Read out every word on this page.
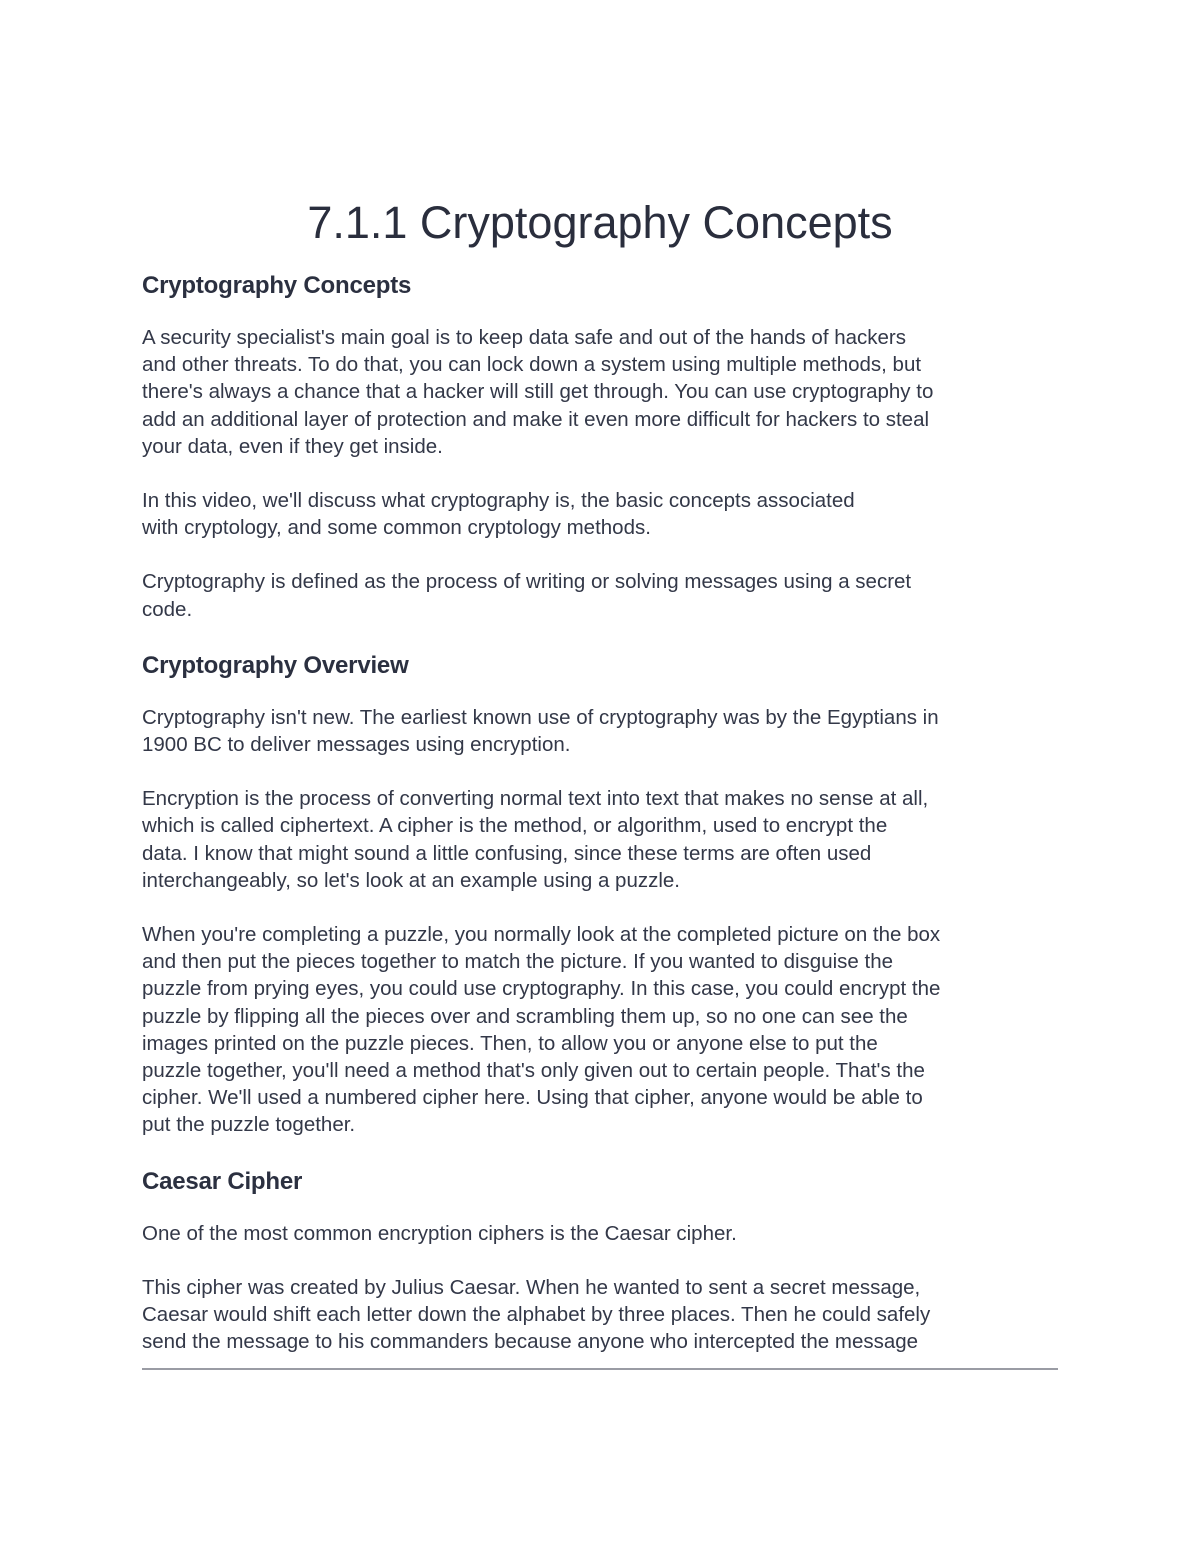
7.1.1 Cryptography Concepts
Cryptography Concepts

A security specialist's main goal is to keep data safe and out of the hands of hackers
and other threats. To do that, you can lock down a system using multiple methods, but
there's always a chance that a hacker will still get through. You can use cryptography to
add an additional layer of protection and make it even more difficult for hackers to steal
your data, even if they get inside.

In this video, we'll discuss what cryptography is, the basic concepts associated
with cryptology, and some common cryptology methods.

Cryptography is defined as the process of writing or solving messages using a secret
code.

Cryptography Overview

Cryptography isn't new. The earliest known use of cryptography was by the Egyptians in
1900 BC to deliver messages using encryption.

Encryption is the process of converting normal text into text that makes no sense at all,
which is called ciphertext. A cipher is the method, or algorithm, used to encrypt the
data. I know that might sound a little confusing, since these terms are often used
interchangeably, so let's look at an example using a puzzle.

When you're completing a puzzle, you normally look at the completed picture on the box
and then put the pieces together to match the picture. If you wanted to disguise the
puzzle from prying eyes, you could use cryptography. In this case, you could encrypt the
puzzle by flipping all the pieces over and scrambling them up, so no one can see the
images printed on the puzzle pieces. Then, to allow you or anyone else to put the
puzzle together, you'll need a method that's only given out to certain people. That's the
cipher. We'll used a numbered cipher here. Using that cipher, anyone would be able to
put the puzzle together.

Caesar Cipher

One of the most common encryption ciphers is the Caesar cipher.

This cipher was created by Julius Caesar. When he wanted to sent a secret message,
Caesar would shift each letter down the alphabet by three places. Then he could safely
send the message to his commanders because anyone who intercepted the message
